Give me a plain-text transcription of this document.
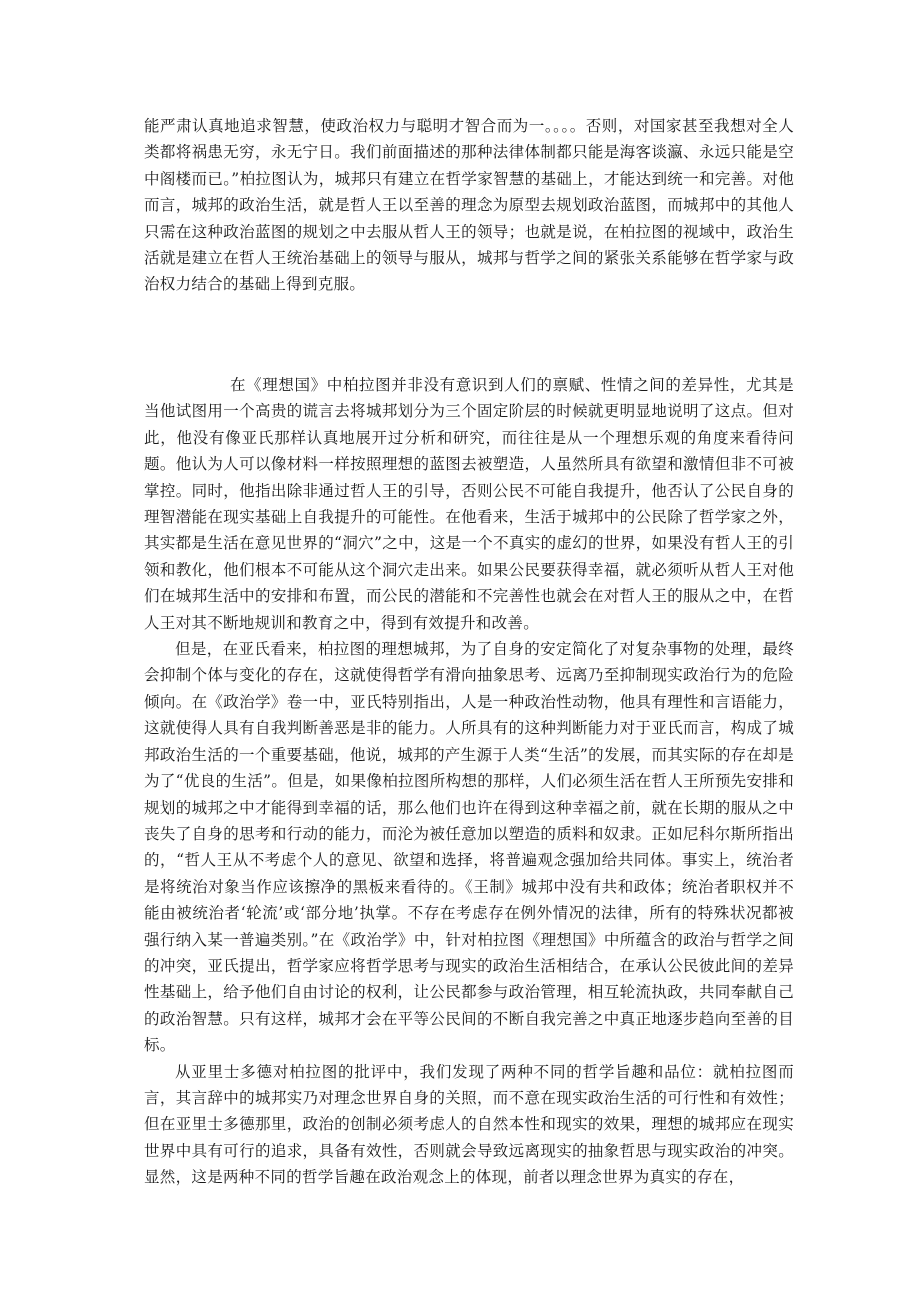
能严肃认真地追求智慧，使政治权力与聪明才智合而为一。。。。否则，对国家甚至我想对全人类都将祸患无穷，永无宁日。我们前面描述的那种法律体制都只能是海客谈瀛、永远只能是空中阁楼而已。”柏拉图认为，城邦只有建立在哲学家智慧的基础上，才能达到统一和完善。对他而言，城邦的政治生活，就是哲人王以至善的理念为原型去规划政治蓝图，而城邦中的其他人只需在这种政治蓝图的规划之中去服从哲人王的领导；也就是说，在柏拉图的视域中，政治生活就是建立在哲人王统治基础上的领导与服从，城邦与哲学之间的紧张关系能够在哲学家与政治权力结合的基础上得到克服。

在《理想国》中柏拉图并非没有意识到人们的禀赋、性情之间的差异性，尤其是当他试图用一个高贵的谎言去将城邦划分为三个固定阶层的时候就更明显地说明了这点。但对此，他没有像亚氏那样认真地展开过分析和研究，而往往是从一个理想乐观的角度来看待问题。他认为人可以像材料一样按照理想的蓝图去被塑造，人虽然所具有欲望和激情但非不可被掌控。同时，他指出除非通过哲人王的引导，否则公民不可能自我提升，他否认了公民自身的理智潜能在现实基础上自我提升的可能性。在他看来，生活于城邦中的公民除了哲学家之外，其实都是生活在意见世界的“洞穴”之中，这是一个不真实的虚幻的世界，如果没有哲人王的引领和教化，他们根本不可能从这个洞穴走出来。如果公民要获得幸福，就必须听从哲人王对他们在城邦生活中的安排和布置，而公民的潜能和不完善性也就会在对哲人王的服从之中，在哲人王对其不断地规训和教育之中，得到有效提升和改善。

但是，在亚氏看来，柏拉图的理想城邦，为了自身的安定简化了对复杂事物的处理，最终会抑制个体与变化的存在，这就使得哲学有滑向抽象思考、远离乃至抑制现实政治行为的危险倾向。在《政治学》卷一中，亚氏特别指出，人是一种政治性动物，他具有理性和言语能力，这就使得人具有自我判断善恶是非的能力。人所具有的这种判断能力对于亚氏而言，构成了城邦政治生活的一个重要基础，他说，城邦的产生源于人类“生活”的发展，而其实际的存在却是为了“优良的生活”。但是，如果像柏拉图所构想的那样，人们必须生活在哲人王所预先安排和规划的城邦之中才能得到幸福的话，那么他们也许在得到这种幸福之前，就在长期的服从之中丧失了自身的思考和行动的能力，而沦为被任意加以塑造的质料和奴隶。正如尼科尔斯所指出的，“哲人王从不考虑个人的意见、欲望和选择，将普遍观念强加给共同体。事实上，统治者是将统治对象当作应该擦净的黑板来看待的。《王制》城邦中没有共和政体；统治者职权并不能由被统治者‘轮流’或‘部分地’执掌。不存在考虑存在例外情况的法律，所有的特殊状况都被强行纳入某一普遍类别。”在《政治学》中，针对柏拉图《理想国》中所蕴含的政治与哲学之间的冲突，亚氏提出，哲学家应将哲学思考与现实的政治生活相结合，在承认公民彼此间的差异性基础上，给予他们自由讨论的权利，让公民都参与政治管理，相互轮流执政，共同奉献自己的政治智慧。只有这样，城邦才会在平等公民间的不断自我完善之中真正地逐步趋向至善的目标。

从亚里士多德对柏拉图的批评中，我们发现了两种不同的哲学旨趣和品位：就柏拉图而言，其言辞中的城邦实乃对理念世界自身的关照，而不意在现实政治生活的可行性和有效性；但在亚里士多德那里，政治的创制必须考虑人的自然本性和现实的效果，理想的城邦应在现实世界中具有可行的追求，具备有效性，否则就会导致远离现实的抽象哲思与现实政治的冲突。显然，这是两种不同的哲学旨趣在政治观念上的体现，前者以理念世界为真实的存在，
